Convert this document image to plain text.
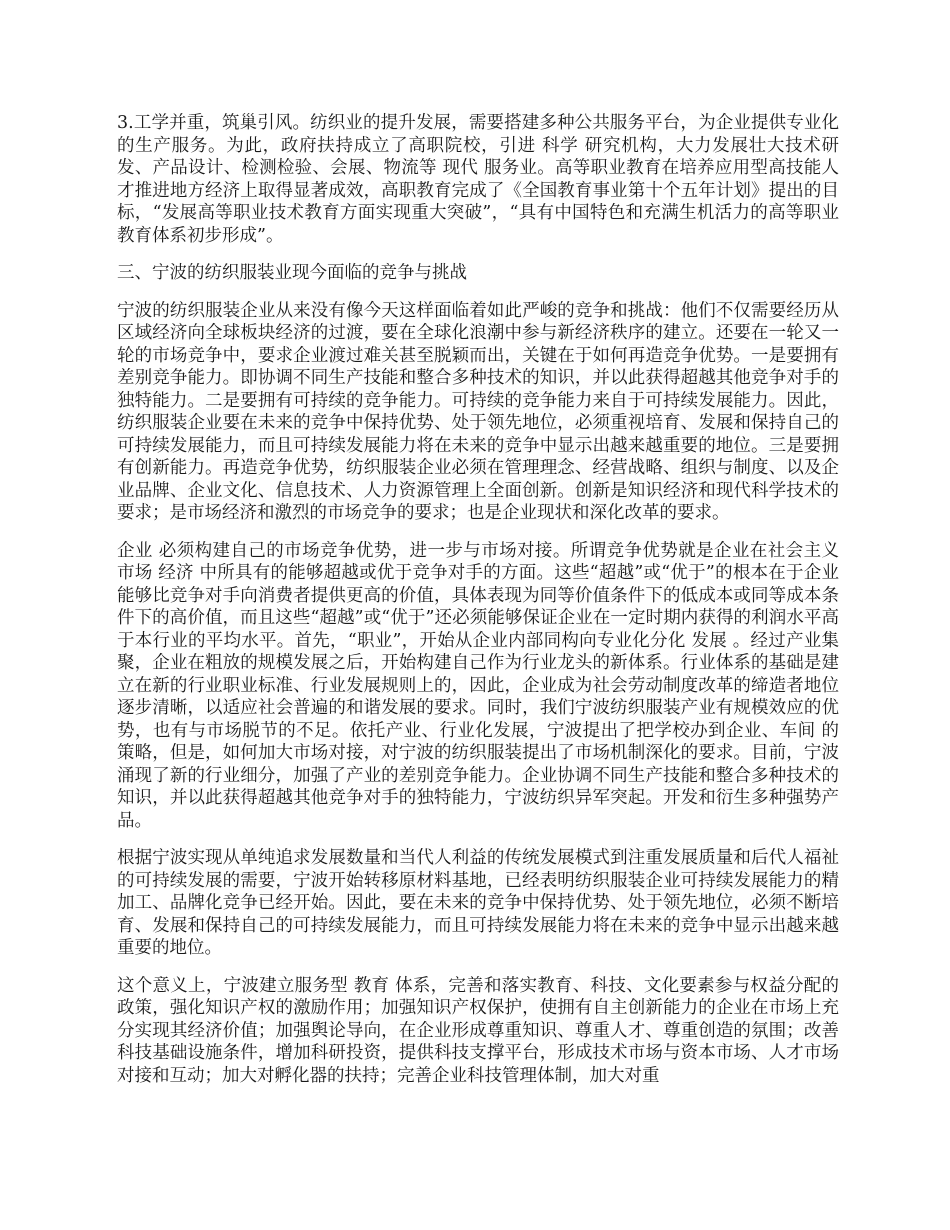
3.工学并重，筑巢引风。纺织业的提升发展，需要搭建多种公共服务平台，为企业提供专业化的生产服务。为此，政府扶持成立了高职院校，引进 科学 研究机构，大力发展壮大技术研发、产品设计、检测检验、会展、物流等 现代 服务业。高等职业教育在培养应用型高技能人才推进地方经济上取得显著成效，高职教育完成了《全国教育事业第十个五年计划》提出的目标，“发展高等职业技术教育方面实现重大突破”，“具有中国特色和充满生机活力的高等职业教育体系初步形成”。

三、宁波的纺织服装业现今面临的竞争与挑战

宁波的纺织服装企业从来没有像今天这样面临着如此严峻的竞争和挑战：他们不仅需要经历从区域经济向全球板块经济的过渡，要在全球化浪潮中参与新经济秩序的建立。还要在一轮又一轮的市场竞争中，要求企业渡过难关甚至脱颖而出，关键在于如何再造竞争优势。一是要拥有差别竞争能力。即协调不同生产技能和整合多种技术的知识，并以此获得超越其他竞争对手的独特能力。二是要拥有可持续的竞争能力。可持续的竞争能力来自于可持续发展能力。因此，纺织服装企业要在未来的竞争中保持优势、处于领先地位，必须重视培育、发展和保持自己的可持续发展能力，而且可持续发展能力将在未来的竞争中显示出越来越重要的地位。三是要拥有创新能力。再造竞争优势，纺织服装企业必须在管理理念、经营战略、组织与制度、以及企业品牌、企业文化、信息技术、人力资源管理上全面创新。创新是知识经济和现代科学技术的要求；是市场经济和激烈的市场竞争的要求；也是企业现状和深化改革的要求。

企业 必须构建自己的市场竞争优势，进一步与市场对接。所谓竞争优势就是企业在社会主义市场 经济 中所具有的能够超越或优于竞争对手的方面。这些“超越”或“优于”的根本在于企业能够比竞争对手向消费者提供更高的价值，具体表现为同等价值条件下的低成本或同等成本条件下的高价值，而且这些“超越”或“优于”还必须能够保证企业在一定时期内获得的利润水平高于本行业的平均水平。首先，“职业”，开始从企业内部同构向专业化分化 发展 。经过产业集聚，企业在粗放的规模发展之后，开始构建自己作为行业龙头的新体系。行业体系的基础是建立在新的行业职业标准、行业发展规则上的，因此，企业成为社会劳动制度改革的缔造者地位逐步清晰，以适应社会普遍的和谐发展的要求。同时，我们宁波纺织服装产业有规模效应的优势，也有与市场脱节的不足。依托产业、行业化发展，宁波提出了把学校办到企业、车间 的策略，但是，如何加大市场对接，对宁波的纺织服装提出了市场机制深化的要求。目前，宁波涌现了新的行业细分，加强了产业的差别竞争能力。企业协调不同生产技能和整合多种技术的知识，并以此获得超越其他竞争对手的独特能力，宁波纺织异军突起。开发和衍生多种强势产品。

根据宁波实现从单纯追求发展数量和当代人利益的传统发展模式到注重发展质量和后代人福祉的可持续发展的需要，宁波开始转移原材料基地，已经表明纺织服装企业可持续发展能力的精加工、品牌化竞争已经开始。因此，要在未来的竞争中保持优势、处于领先地位，必须不断培育、发展和保持自己的可持续发展能力，而且可持续发展能力将在未来的竞争中显示出越来越重要的地位。

这个意义上，宁波建立服务型 教育 体系，完善和落实教育、科技、文化要素参与权益分配的政策，强化知识产权的激励作用；加强知识产权保护，使拥有自主创新能力的企业在市场上充分实现其经济价值；加强舆论导向，在企业形成尊重知识、尊重人才、尊重创造的氛围；改善科技基础设施条件，增加科研投资，提供科技支撑平台，形成技术市场与资本市场、人才市场对接和互动；加大对孵化器的扶持；完善企业科技管理体制，加大对重
